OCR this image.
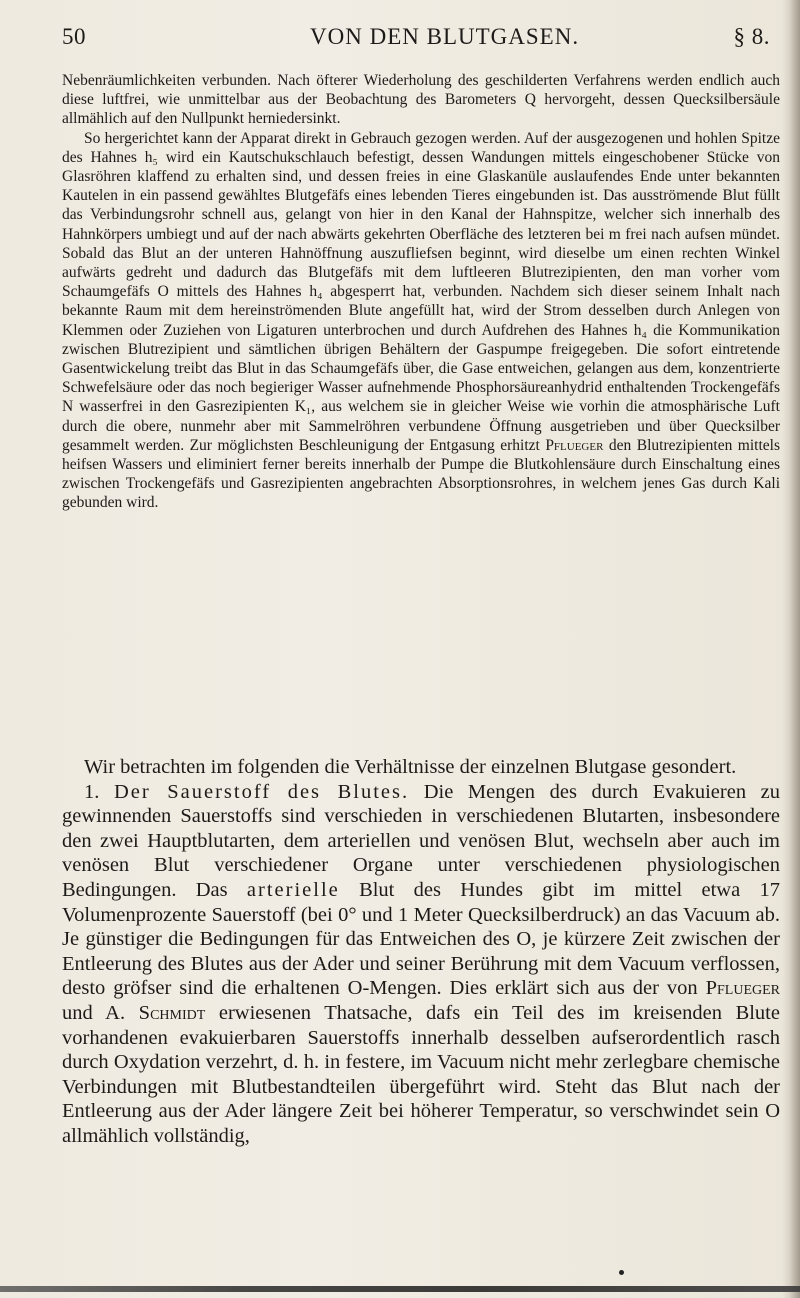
50	VON DEN BLUTGASEN.	§ 8.

Nebenräumlichkeiten verbunden. Nach öfterer Wiederholung des geschilderten Verfahrens werden endlich auch diese luftfrei, wie unmittelbar aus der Beobachtung des Barometers Q hervorgeht, dessen Quecksilbersäule allmählich auf den Nullpunkt herniedersinkt.

So hergerichtet kann der Apparat direkt in Gebrauch gezogen werden. Auf der ausgezogenen und hohlen Spitze des Hahnes h₅ wird ein Kautschukschlauch befestigt, dessen Wandungen mittels eingeschobener Stücke von Glasröhren klaffend zu erhalten sind, und dessen freies in eine Glaskanüle auslaufendes Ende unter bekannten Kautelen in ein passend gewähltes Blutgefäfs eines lebenden Tieres eingebunden ist. Das ausströmende Blut füllt das Verbindungsrohr schnell aus, gelangt von hier in den Kanal der Hahnspitze, welcher sich innerhalb des Hahnkörpers umbiegt und auf der nach abwärts gekehrten Oberfläche des letzteren bei m frei nach aufsen mündet. Sobald das Blut an der unteren Hahnöffnung auszufliefsen beginnt, wird dieselbe um einen rechten Winkel aufwärts gedreht und dadurch das Blutgefäfs mit dem luftleeren Blutrezipienten, den man vorher vom Schaumgefäfs O mittels des Hahnes h₄ abgesperrt hat, verbunden. Nachdem sich dieser seinem Inhalt nach bekannte Raum mit dem hereinströmenden Blute angefüllt hat, wird der Strom desselben durch Anlegen von Klemmen oder Zuziehen von Ligaturen unterbrochen und durch Aufdrehen des Hahnes h₄ die Kommunikation zwischen Blutrezipient und sämtlichen übrigen Behältern der Gaspumpe freigegeben. Die sofort eintretende Gasentwickelung treibt das Blut in das Schaumgefäfs über, die Gase entweichen, gelangen aus dem, konzentrierte Schwefelsäure oder das noch begieriger Wasser aufnehmende Phosphorsäureanhydrid enthaltenden Trockengefäfs N wasserfrei in den Gasrezipienten K₁, aus welchem sie in gleicher Weise wie vorhin die atmosphärische Luft durch die obere, nunmehr aber mit Sammelröhren verbundene Öffnung ausgetrieben und über Quecksilber gesammelt werden. Zur möglichsten Beschleunigung der Entgasung erhitzt Pflueger den Blutrezipienten mittels heifsen Wassers und eliminiert ferner bereits innerhalb der Pumpe die Blutkohlensäure durch Einschaltung eines zwischen Trockengefäfs und Gasrezipienten angebrachten Absorptionsrohres, in welchem jenes Gas durch Kali gebunden wird.

Wir betrachten im folgenden die Verhältnisse der einzelnen Blutgase gesondert.

1. Der Sauerstoff des Blutes. Die Mengen des durch Evakuieren zu gewinnenden Sauerstoffs sind verschieden in verschiedenen Blutarten, insbesondere den zwei Hauptblutarten, dem arteriellen und venösen Blut, wechseln aber auch im venösen Blut verschiedener Organe unter verschiedenen physiologischen Bedingungen. Das arterielle Blut des Hundes gibt im mittel etwa 17 Volumenprozente Sauerstoff (bei 0° und 1 Meter Quecksilberdruck) an das Vacuum ab. Je günstiger die Bedingungen für das Entweichen des O, je kürzere Zeit zwischen der Entleerung des Blutes aus der Ader und seiner Berührung mit dem Vacuum verflossen, desto gröfser sind die erhaltenen O-Mengen. Dies erklärt sich aus der von Pflueger und A. Schmidt erwiesenen Thatsache, dafs ein Teil des im kreisenden Blute vorhandenen evakuierbaren Sauerstoffs innerhalb desselben aufserordentlich rasch durch Oxydation verzehrt, d. h. in festere, im Vacuum nicht mehr zerlegbare chemische Verbindungen mit Blutbestandteilen übergeführt wird. Steht das Blut nach der Entleerung aus der Ader längere Zeit bei höherer Temperatur, so verschwindet sein O allmählich vollständig,
